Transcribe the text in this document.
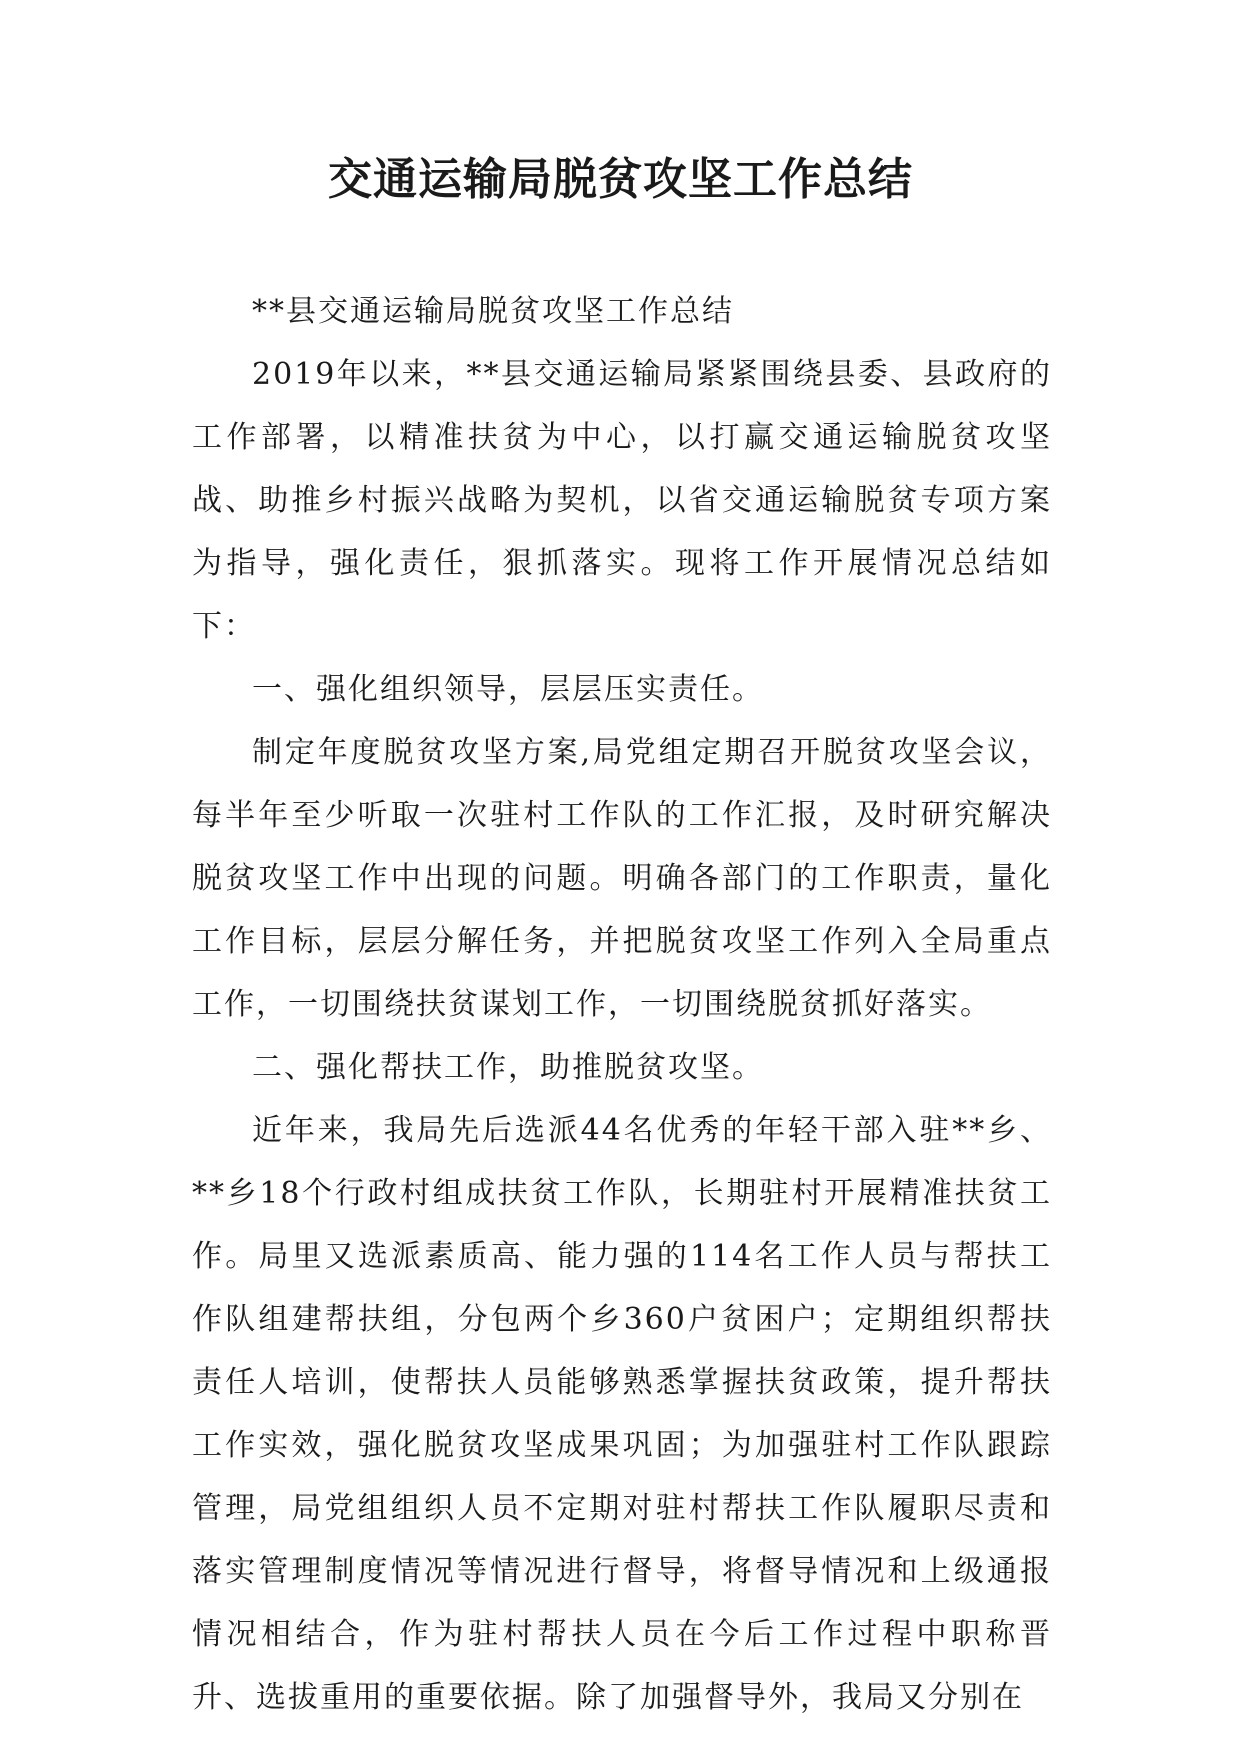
交通运输局脱贫攻坚工作总结

**县交通运输局脱贫攻坚工作总结

2019年以来，**县交通运输局紧紧围绕县委、县政府的工作部署，以精准扶贫为中心，以打赢交通运输脱贫攻坚战、助推乡村振兴战略为契机，以省交通运输脱贫专项方案为指导，强化责任，狠抓落实。现将工作开展情况总结如下：

一、强化组织领导，层层压实责任。

制定年度脱贫攻坚方案,局党组定期召开脱贫攻坚会议，每半年至少听取一次驻村工作队的工作汇报，及时研究解决脱贫攻坚工作中出现的问题。明确各部门的工作职责，量化工作目标，层层分解任务，并把脱贫攻坚工作列入全局重点工作，一切围绕扶贫谋划工作，一切围绕脱贫抓好落实。

二、强化帮扶工作，助推脱贫攻坚。

近年来，我局先后选派44名优秀的年轻干部入驻**乡、**乡18个行政村组成扶贫工作队，长期驻村开展精准扶贫工作。局里又选派素质高、能力强的114名工作人员与帮扶工作队组建帮扶组，分包两个乡360户贫困户；定期组织帮扶责任人培训，使帮扶人员能够熟悉掌握扶贫政策，提升帮扶工作实效，强化脱贫攻坚成果巩固；为加强驻村工作队跟踪管理，局党组组织人员不定期对驻村帮扶工作队履职尽责和落实管理制度情况等情况进行督导，将督导情况和上级通报情况相结合，作为驻村帮扶人员在今后工作过程中职称晋升、选拔重用的重要依据。除了加强督导外，我局又分别在
